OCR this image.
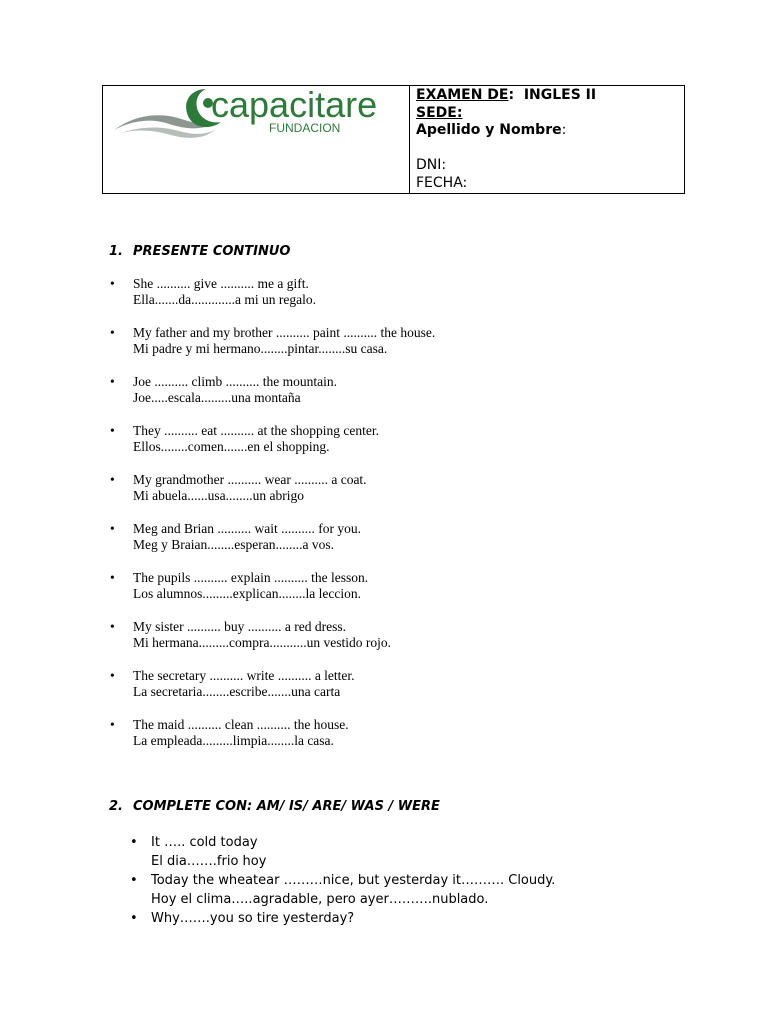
capacitare
FUNDACION
EXAMEN DE:  INGLES II
SEDE:
Apellido y Nombre:
DNI:
FECHA:
1. PRESENTE CONTINUO
• She .......... give .......... me a gift.
Ella.......da.............a mi un regalo.
• My father and my brother .......... paint .......... the house.
Mi padre y mi hermano........pintar........su casa.
• Joe .......... climb .......... the mountain.
Joe.....escala.........una montaña
• They .......... eat .......... at the shopping center.
Ellos........comen.......en el shopping.
• My grandmother .......... wear .......... a coat.
Mi abuela......usa........un abrigo
• Meg and Brian .......... wait .......... for you.
Meg y Braian........esperan........a vos.
• The pupils .......... explain .......... the lesson.
Los alumnos.........explican........la leccion.
• My sister .......... buy .......... a red dress.
Mi hermana.........compra...........un vestido rojo.
• The secretary .......... write .......... a letter.
La secretaria........escribe.......una carta
• The maid .......... clean .......... the house.
La empleada.........limpia........la casa.
2. COMPLETE CON: AM/ IS/ ARE/ WAS / WERE
•	It ….. cold today
El dia…….frio hoy
•	Today the wheatear ………nice, but yesterday it………. Cloudy.
Hoy el clima…..agradable, pero ayer……….nublado.
•	Why…….you so tire yesterday?
